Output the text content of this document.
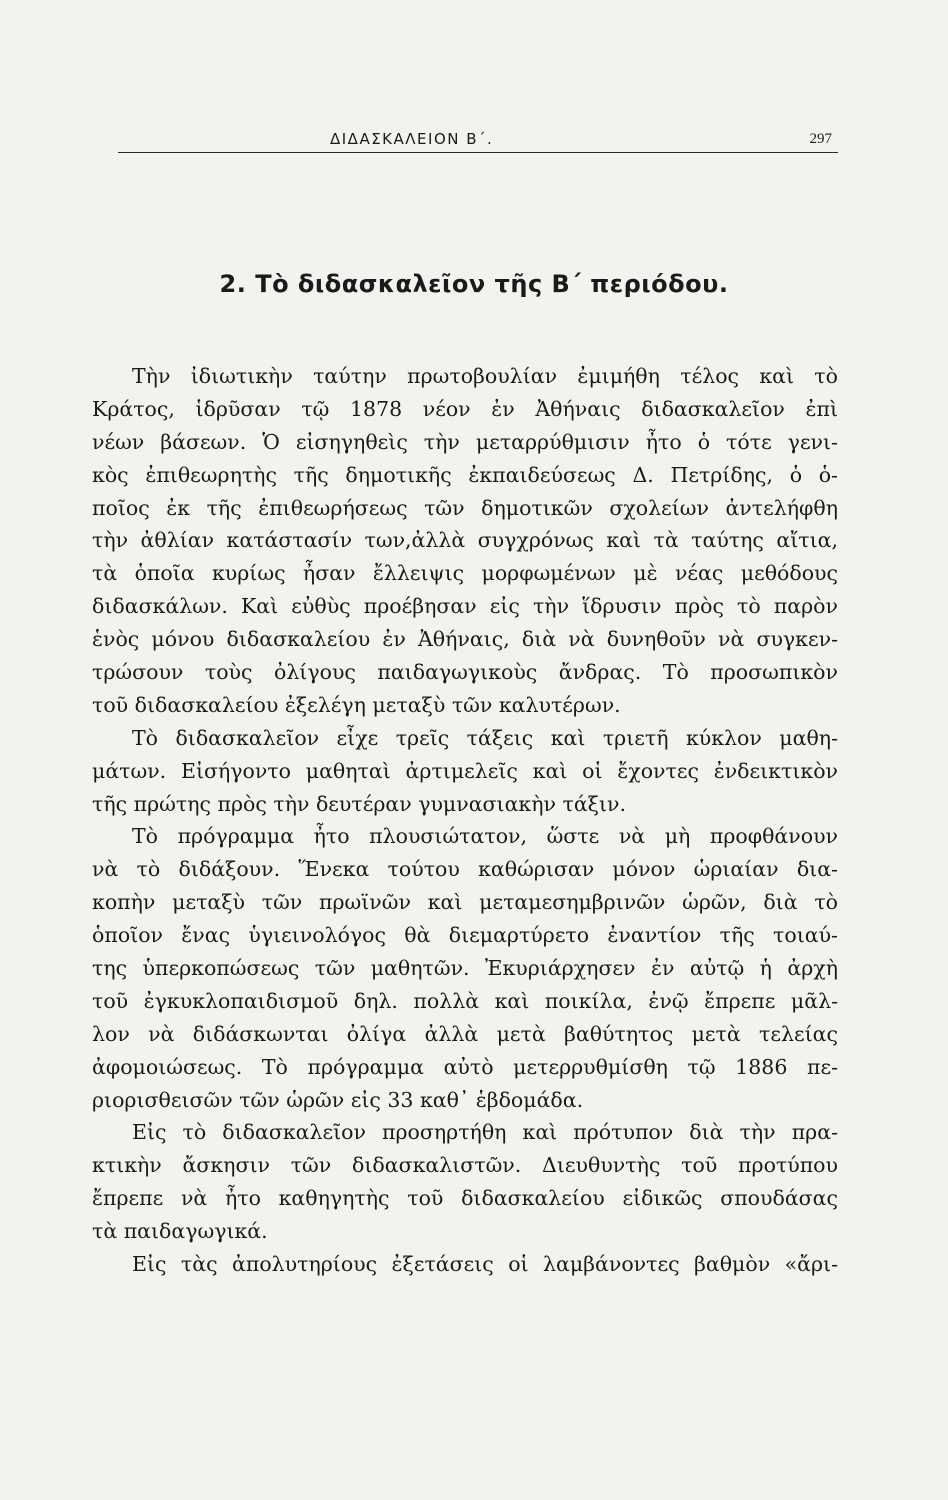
ΔΙΔΑΣΚΑΛΕΙΟΝ Β΄.	297
2. Τὸ διδασκαλεῖον τῆς Β΄ περιόδου.
Τὴν ἰδιωτικὴν ταύτην πρωτοβουλίαν ἐμιμήθη τέλος καὶ τὸ
Κράτος, ἱδρῦσαν τῷ 1878 νέον ἐν Ἀθήναις διδασκαλεῖον ἐπὶ
νέων βάσεων. Ὁ εἰσηγηθεὶς τὴν μεταρρύθμισιν ἦτο ὁ τότε γενι-
κὸς ἐπιθεωρητὴς τῆς δημοτικῆς ἐκπαιδεύσεως Δ. Πετρίδης, ὁ ὁ-
ποῖος ἐκ τῆς ἐπιθεωρήσεως τῶν δημοτικῶν σχολείων ἀντελήφθη
τὴν ἀθλίαν κατάστασίν των,ἀλλὰ συγχρόνως καὶ τὰ ταύτης αἴτια,
τὰ ὁποῖα κυρίως ἦσαν ἔλλειψις μορφωμένων μὲ νέας μεθόδους
διδασκάλων. Καὶ εὐθὺς προέβησαν εἰς τὴν ἵδρυσιν πρὸς τὸ παρὸν
ἑνὸς μόνου διδασκαλείου ἐν Ἀθήναις, διὰ νὰ δυνηθοῦν νὰ συγκεν-
τρώσουν τοὺς ὀλίγους παιδαγωγικοὺς ἄνδρας. Τὸ προσωπικὸν
τοῦ διδασκαλείου ἐξελέγη μεταξὺ τῶν καλυτέρων.
Τὸ διδασκαλεῖον εἶχε τρεῖς τάξεις καὶ τριετῆ κύκλον μαθη-
μάτων. Εἰσήγοντο μαθηταὶ ἀρτιμελεῖς καὶ οἱ ἔχοντες ἐνδεικτικὸν
τῆς πρώτης πρὸς τὴν δευτέραν γυμνασιακὴν τάξιν.
Τὸ πρόγραμμα ἦτο πλουσιώτατον, ὥστε νὰ μὴ προφθάνουν
νὰ τὸ διδάξουν. Ἕνεκα τούτου καθώρισαν μόνον ὡριαίαν δια-
κοπὴν μεταξὺ τῶν πρωϊνῶν καὶ μεταμεσημβρινῶν ὡρῶν, διὰ τὸ
ὁποῖον ἔνας ὑγιεινολόγος θὰ διεμαρτύρετο ἐναντίον τῆς τοιαύ-
της ὑπερκοπώσεως τῶν μαθητῶν. Ἐκυριάρχησεν ἐν αὐτῷ ἡ ἀρχὴ
τοῦ ἐγκυκλοπαιδισμοῦ δηλ. πολλὰ καὶ ποικίλα, ἐνῷ ἔπρεπε μᾶλ-
λον νὰ διδάσκωνται ὀλίγα ἀλλὰ μετὰ βαθύτητος μετὰ τελείας
ἀφομοιώσεως. Τὸ πρόγραμμα αὐτὸ μετερρυθμίσθη τῷ 1886 πε-
ριορισθεισῶν τῶν ὡρῶν εἰς 33 καθ᾽ ἑβδομάδα.
Εἰς τὸ διδασκαλεῖον προσηρτήθη καὶ πρότυπον διὰ τὴν πρα-
κτικὴν ἄσκησιν τῶν διδασκαλιστῶν. Διευθυντὴς τοῦ προτύπου
ἔπρεπε νὰ ἦτο καθηγητὴς τοῦ διδασκαλείου εἰδικῶς σπουδάσας
τὰ παιδαγωγικά.
Εἰς τὰς ἀπολυτηρίους ἐξετάσεις οἱ λαμβάνοντες βαθμὸν «ἄρι-
